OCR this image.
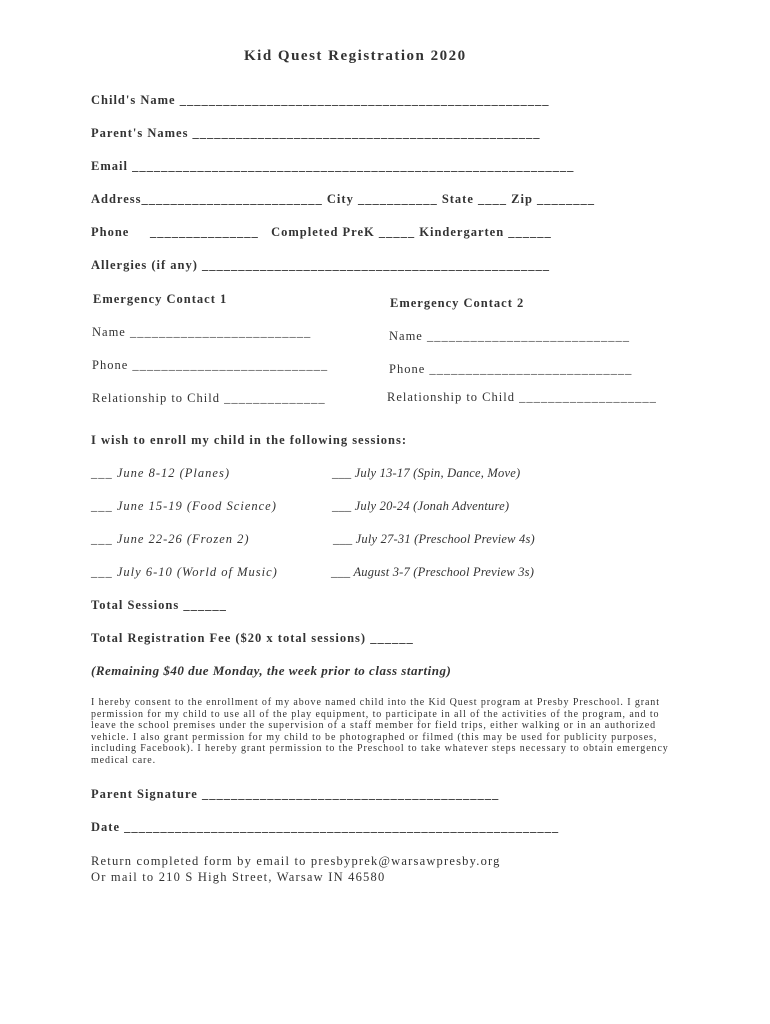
Kid Quest Registration 2020
Child's Name ___________________________________________________
Parent's Names ________________________________________________
Email _____________________________________________________________
Address_________________________ City ___________ State ____ Zip ________
Phone     _______________   Completed PreK _____ Kindergarten ______
Allergies (if any) ________________________________________________
Emergency Contact 1	Emergency Contact 2
Name _________________________	Name ____________________________
Phone ___________________________	Phone ____________________________
Relationship to Child ______________	Relationship to Child ___________________
I wish to enroll my child in the following sessions:
___ June 8-12 (Planes)
___ June 15-19 (Food Science)
___ June 22-26 (Frozen 2)
___ July 6-10 (World of Music)
___ July 13-17 (Spin, Dance, Move)
___ July 20-24 (Jonah Adventure)
___ July 27-31 (Preschool Preview 4s)
___ August 3-7 (Preschool Preview 3s)
Total Sessions ______
Total Registration Fee ($20 x total sessions) ______
(Remaining $40 due Monday, the week prior to class starting)
I hereby consent to the enrollment of my above named child into the Kid Quest program at Presby Preschool. I grant permission for my child to use all of the play equipment, to participate in all of the activities of the program, and to leave the school premises under the supervision of a staff member for field trips, either walking or in an authorized vehicle. I also grant permission for my child to be photographed or filmed (this may be used for publicity purposes, including Facebook). I hereby grant permission to the Preschool to take whatever steps necessary to obtain emergency medical care.
Parent Signature _________________________________________
Date ____________________________________________________________
Return completed form by email to presbyprek@warsawpresby.org
Or mail to 210 S High Street, Warsaw IN 46580
